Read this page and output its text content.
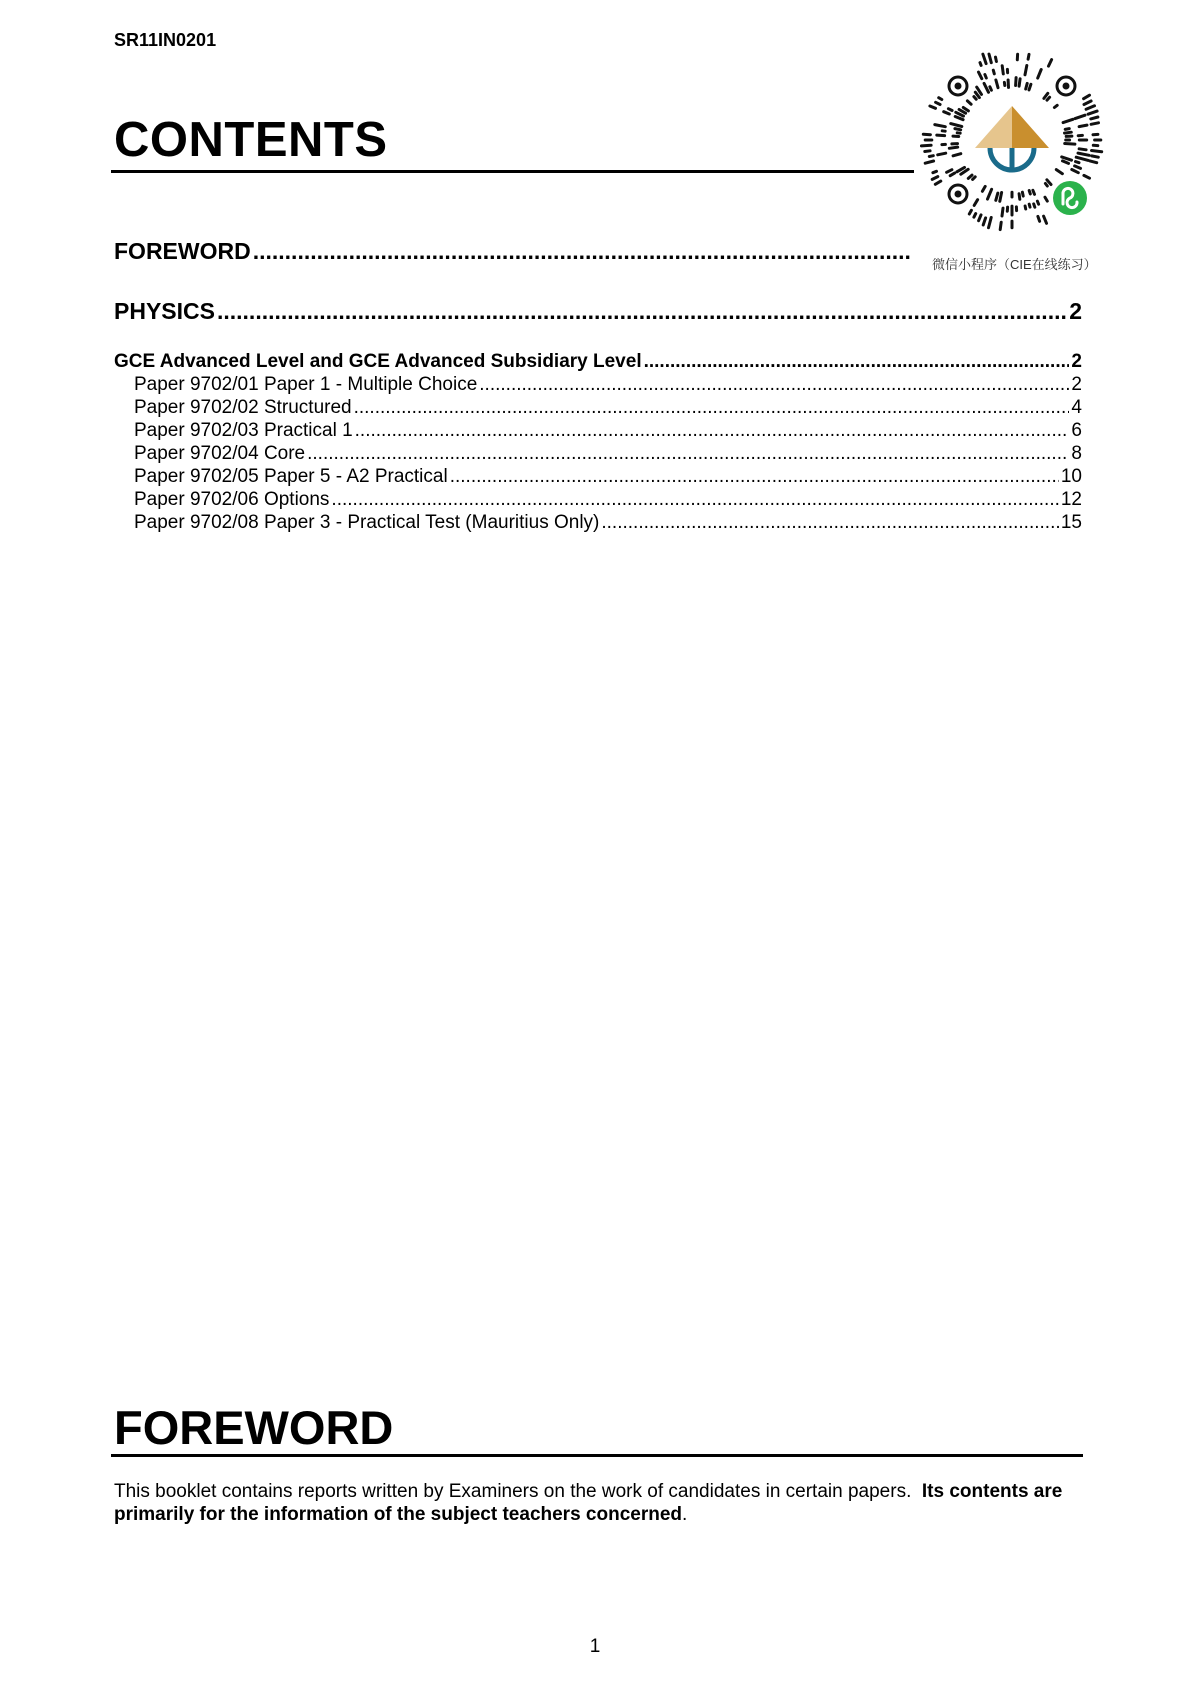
SR11IN0201
CONTENTS
微信小程序（CIE在线练习）
FOREWORD
.....
PHYSICS .....	2
GCE Advanced Level and GCE Advanced Subsidiary Level .....	2
Paper 9702/01 Paper 1 - Multiple Choice .....	2
Paper 9702/02 Structured .....	4
Paper 9702/03 Practical 1 .....	6
Paper 9702/04 Core .....	8
Paper 9702/05 Paper 5 - A2 Practical .....	10
Paper 9702/06 Options .....	12
Paper 9702/08 Paper 3 - Practical Test (Mauritius Only) .....	15
FOREWORD
This booklet contains reports written by Examiners on the work of candidates in certain papers. Its contents are primarily for the information of the subject teachers concerned.
1
